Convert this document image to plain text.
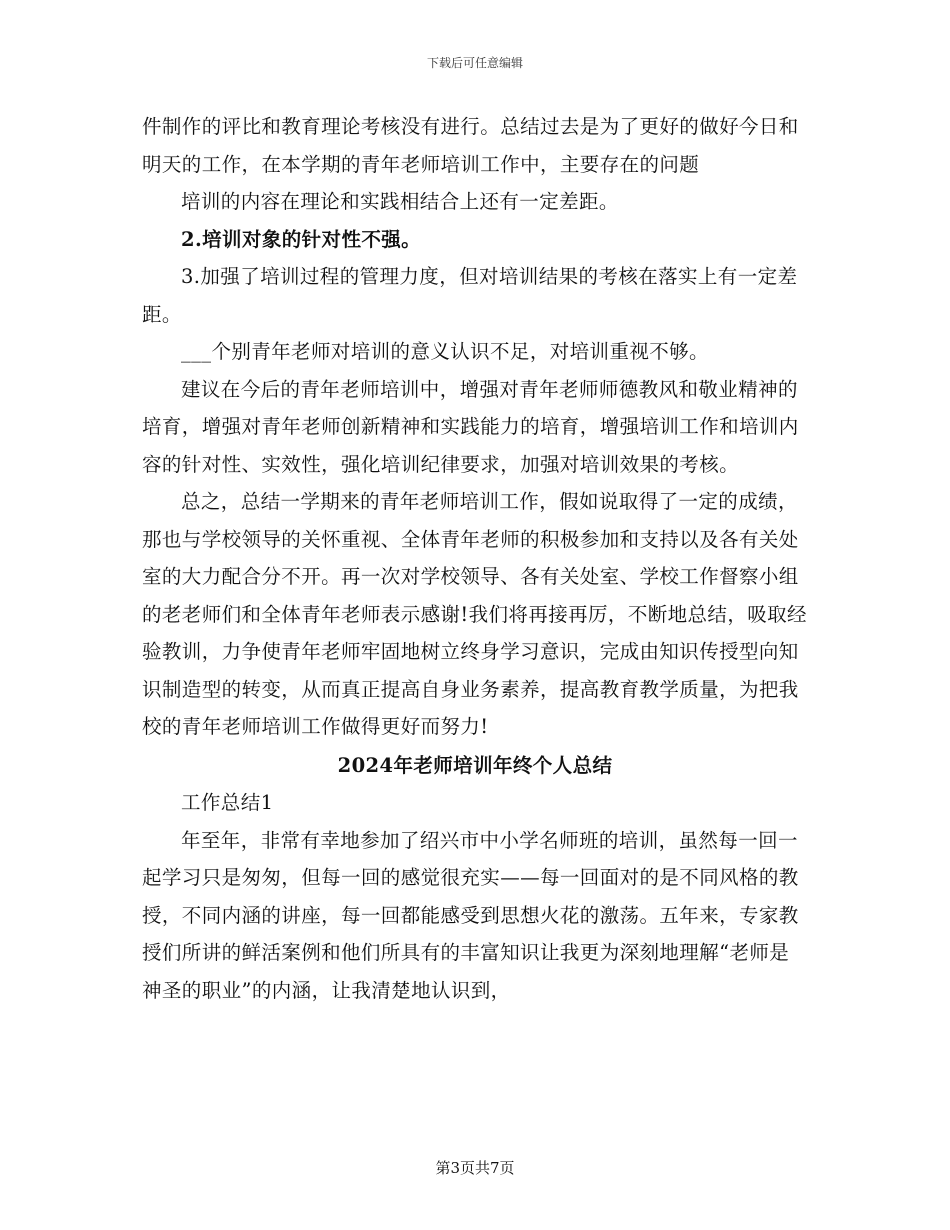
下载后可任意编辑

件制作的评比和教育理论考核没有进行。总结过去是为了更好的做好今日和明天的工作，在本学期的青年老师培训工作中，主要存在的问题

培训的内容在理论和实践相结合上还有一定差距。

2.培训对象的针对性不强。

3.加强了培训过程的管理力度，但对培训结果的考核在落实上有一定差距。

___个别青年老师对培训的意义认识不足，对培训重视不够。

建议在今后的青年老师培训中，增强对青年老师师德教风和敬业精神的培育，增强对青年老师创新精神和实践能力的培育，增强培训工作和培训内容的针对性、实效性，强化培训纪律要求，加强对培训效果的考核。

总之，总结一学期来的青年老师培训工作，假如说取得了一定的成绩，那也与学校领导的关怀重视、全体青年老师的积极参加和支持以及各有关处室的大力配合分不开。再一次对学校领导、各有关处室、学校工作督察小组的老老师们和全体青年老师表示感谢!我们将再接再厉，不断地总结，吸取经验教训，力争使青年老师牢固地树立终身学习意识，完成由知识传授型向知识制造型的转变，从而真正提高自身业务素养，提高教育教学质量，为把我校的青年老师培训工作做得更好而努力!

2024年老师培训年终个人总结

工作总结1

年至年，非常有幸地参加了绍兴市中小学名师班的培训，虽然每一回一起学习只是匆匆，但每一回的感觉很充实——每一回面对的是不同风格的教授，不同内涵的讲座，每一回都能感受到思想火花的激荡。五年来，专家教授们所讲的鲜活案例和他们所具有的丰富知识让我更为深刻地理解“老师是神圣的职业”的内涵，让我清楚地认识到，

第3页共7页
